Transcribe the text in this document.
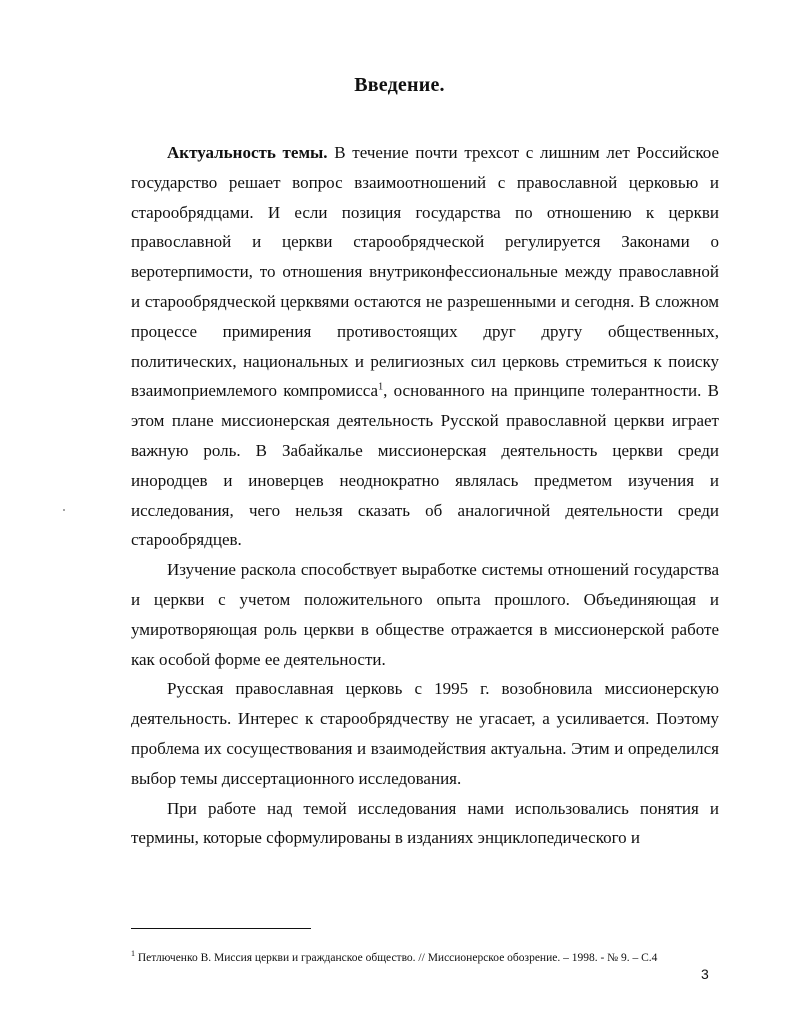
Введение.

Актуальность темы. В течение почти трехсот с лишним лет Российское государство решает вопрос взаимоотношений с православной церковью и старообрядцами. И если позиция государства по отношению к церкви православной и церкви старообрядческой регулируется Законами о веротерпимости, то отношения внутриконфессиональные между православной и старообрядческой церквями остаются не разрешенными и сегодня. В сложном процессе примирения противостоящих друг другу общественных, политических, национальных и религиозных сил церковь стремиться к поиску взаимоприемлемого компромисса$^1$, основанного на принципе толерантности. В этом плане миссионерская деятельность Русской православной церкви играет важную роль. В Забайкалье миссионерская деятельность церкви среди инородцев и иноверцев неоднократно являлась предметом изучения и исследования, чего нельзя сказать об аналогичной деятельности среди старообрядцев.

Изучение раскола способствует выработке системы отношений государства и церкви с учетом положительного опыта прошлого. Объединяющая и умиротворяющая роль церкви в обществе отражается в миссионерской работе как особой форме ее деятельности.

Русская православная церковь с 1995 г. возобновила миссионерскую деятельность. Интерес к старообрядчеству не угасает, а усиливается. Поэтому проблема их сосуществования и взаимодействия актуальна. Этим и определился выбор темы диссертационного исследования.

При работе над темой исследования нами использовались понятия и термины, которые сформулированы в изданиях энциклопедического и

$^1$ Петлюченко В. Миссия церкви и гражданское общество. // Миссионерское обозрение. – 1998. - № 9. – С.4
3
